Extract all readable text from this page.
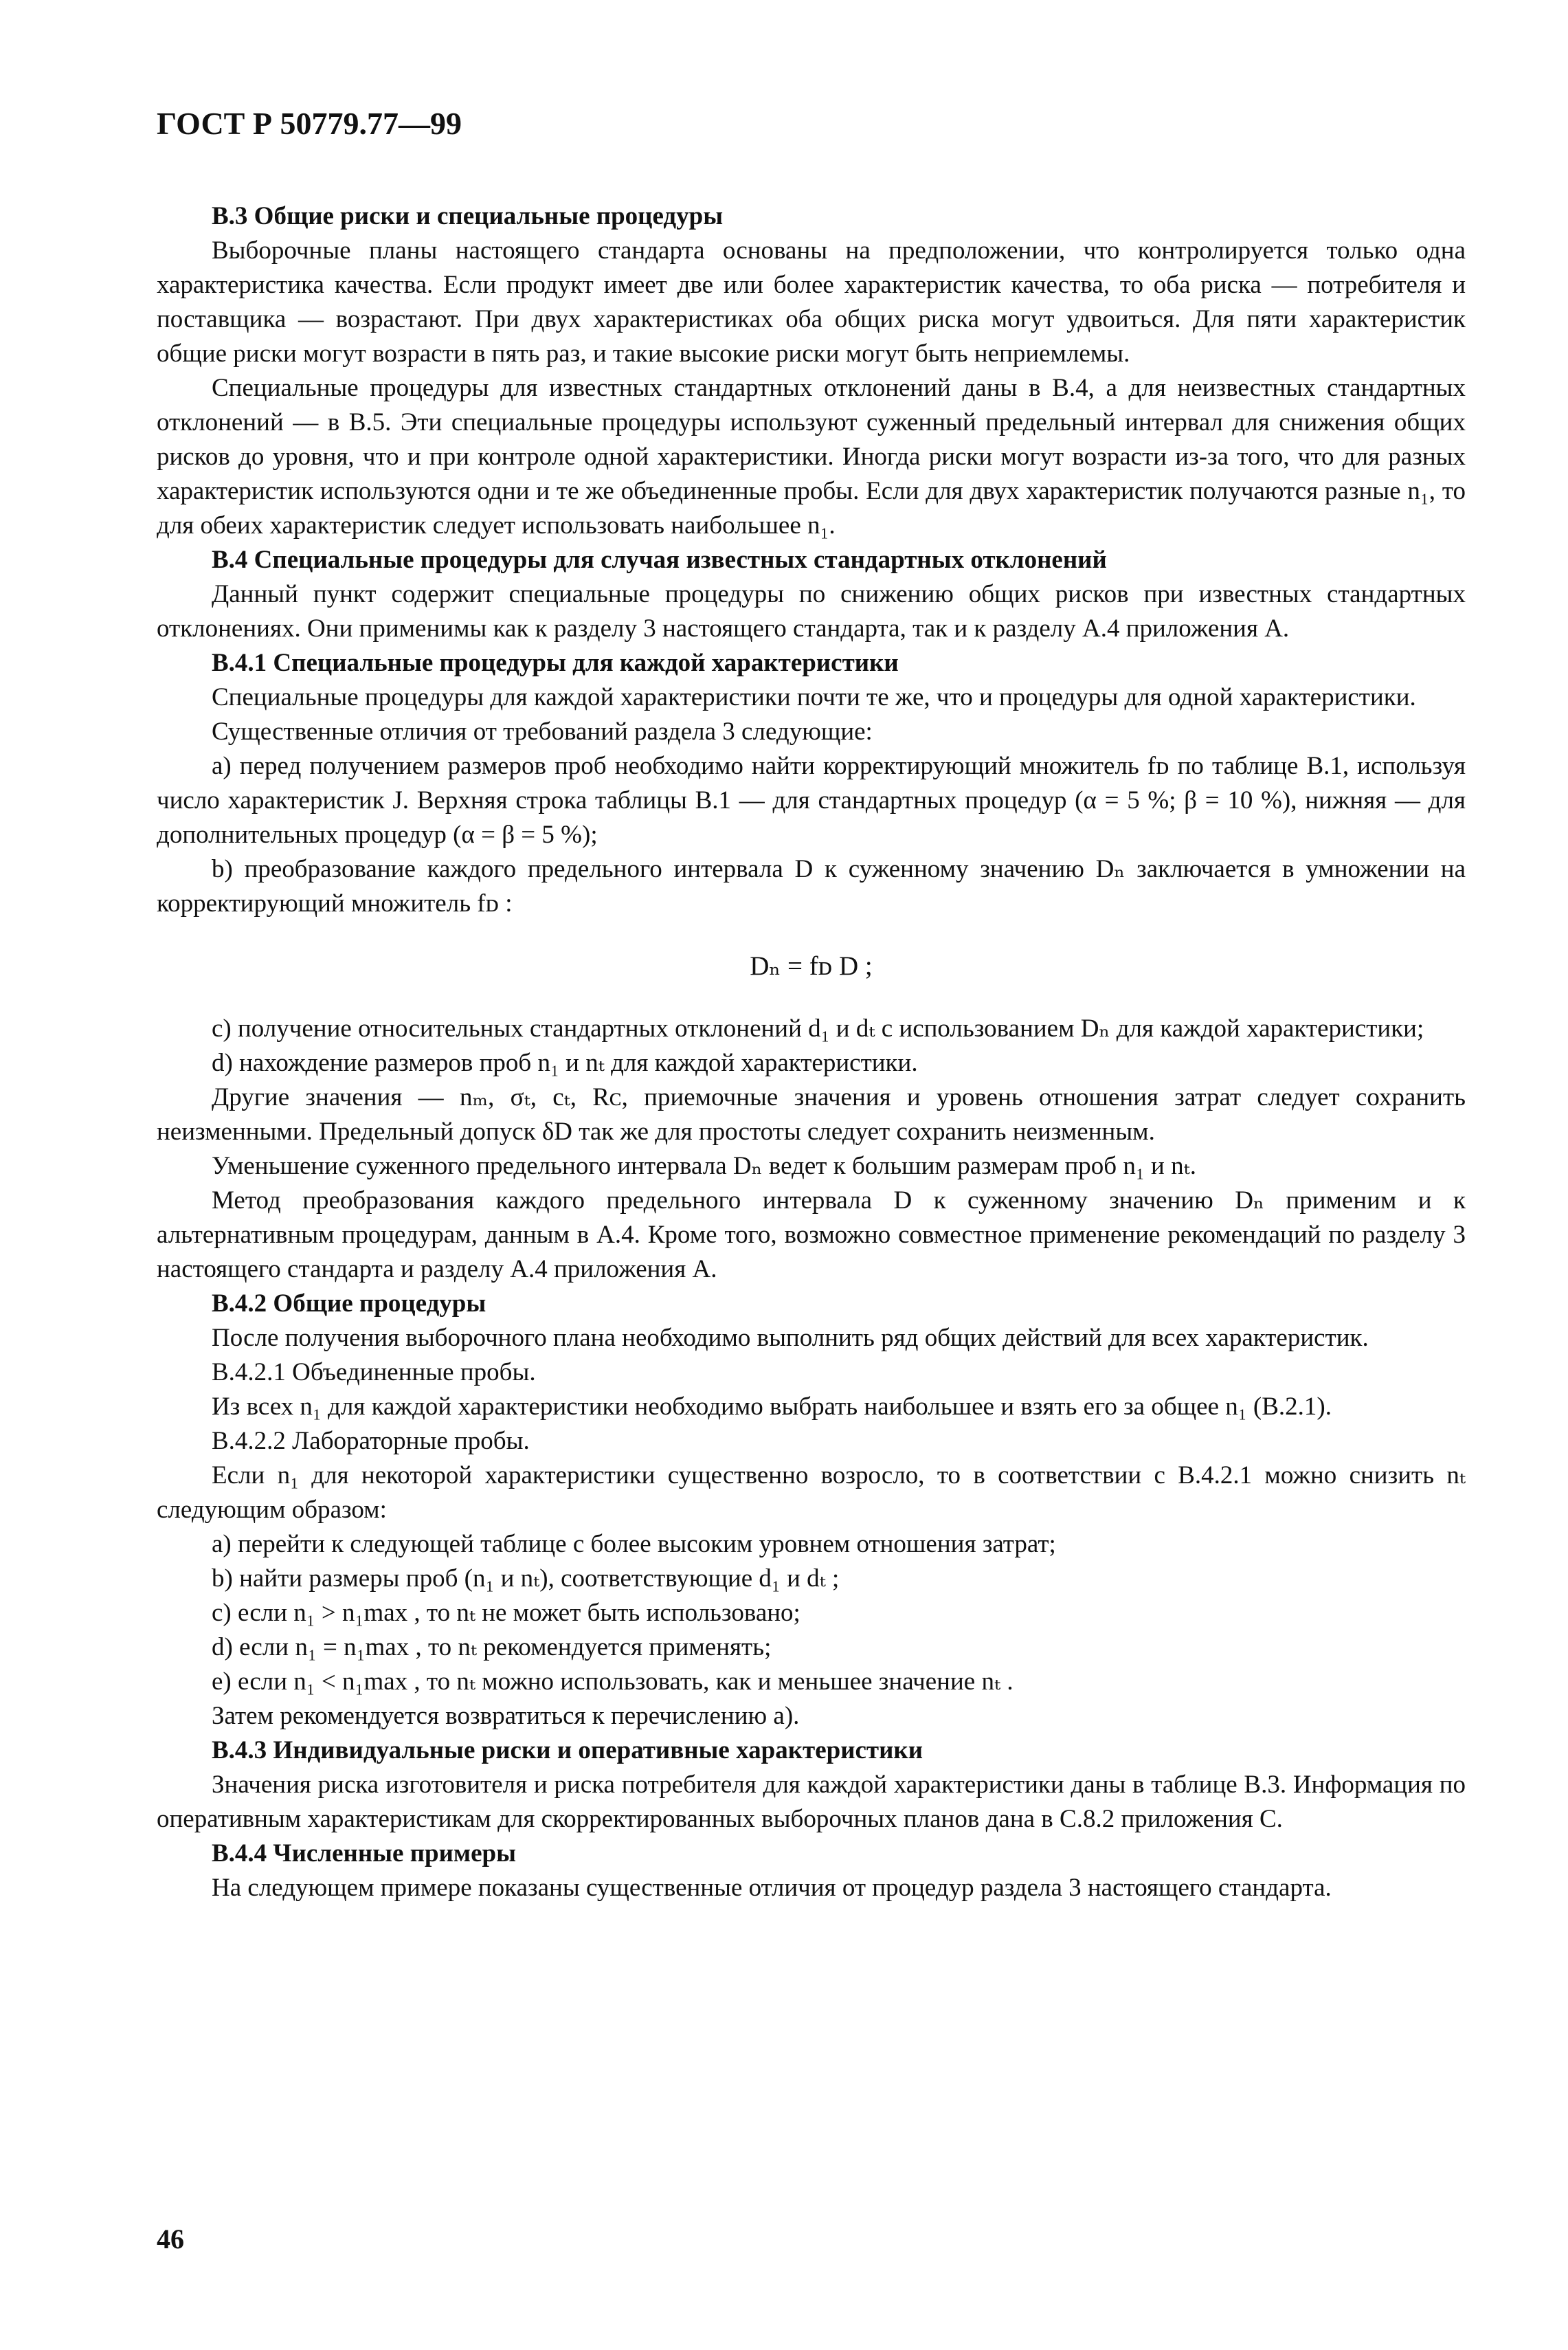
ГОСТ Р 50779.77—99
В.3 Общие риски и специальные процедуры
Выборочные планы настоящего стандарта основаны на предположении, что контролируется только одна характеристика качества. Если продукт имеет две или более характеристик качества, то оба риска — потребителя и поставщика — возрастают. При двух характеристиках оба общих риска могут удвоиться. Для пяти характеристик общие риски могут возрасти в пять раз, и такие высокие риски могут быть неприемлемы.
Специальные процедуры для известных стандартных отклонений даны в В.4, а для неизвестных стандартных отклонений — в В.5. Эти специальные процедуры используют суженный предельный интервал для снижения общих рисков до уровня, что и при контроле одной характеристики. Иногда риски могут возрасти из-за того, что для разных характеристик используются одни и те же объединенные пробы. Если для двух характеристик получаются разные n₁, то для обеих характеристик следует использовать наибольшее n₁.
В.4 Специальные процедуры для случая известных стандартных отклонений
Данный пункт содержит специальные процедуры по снижению общих рисков при известных стандартных отклонениях. Они применимы как к разделу 3 настоящего стандарта, так и к разделу А.4 приложения А.
В.4.1 Специальные процедуры для каждой характеристики
Специальные процедуры для каждой характеристики почти те же, что и процедуры для одной характеристики.
Существенные отличия от требований раздела 3 следующие:
а) перед получением размеров проб необходимо найти корректирующий множитель fᴅ по таблице В.1, используя число характеристик J. Верхняя строка таблицы В.1 — для стандартных процедур (α = 5 %; β = 10 %), нижняя — для дополнительных процедур (α = β = 5 %);
b) преобразование каждого предельного интервала D к суженному значению Dₙ заключается в умножении на корректирующий множитель fᴅ :
Dₙ = fᴅ D ;
с) получение относительных стандартных отклонений d₁ и dₜ с использованием Dₙ для каждой характеристики;
d) нахождение размеров проб n₁ и nₜ для каждой характеристики.
Другие значения — nₘ, σₜ, cₜ, Rᴄ, приемочные значения и уровень отношения затрат следует сохранить неизменными. Предельный допуск δD так же для простоты следует сохранить неизменным.
Уменьшение суженного предельного интервала Dₙ ведет к большим размерам проб n₁ и nₜ.
Метод преобразования каждого предельного интервала D к суженному значению Dₙ применим и к альтернативным процедурам, данным в А.4. Кроме того, возможно совместное применение рекомендаций по разделу 3 настоящего стандарта и разделу А.4 приложения А.
В.4.2 Общие процедуры
После получения выборочного плана необходимо выполнить ряд общих действий для всех характеристик.
В.4.2.1 Объединенные пробы.
Из всех n₁ для каждой характеристики необходимо выбрать наибольшее и взять его за общее n₁ (В.2.1).
В.4.2.2 Лабораторные пробы.
Если n₁ для некоторой характеристики существенно возросло, то в соответствии с В.4.2.1 можно снизить nₜ следующим образом:
а) перейти к следующей таблице с более высоким уровнем отношения затрат;
b) найти размеры проб (n₁ и nₜ), соответствующие d₁ и dₜ ;
с) если n₁ > n₁max , то nₜ не может быть использовано;
d) если n₁ = n₁max , то nₜ рекомендуется применять;
е) если n₁ < n₁max , то nₜ можно использовать, как и меньшее значение nₜ .
Затем рекомендуется возвратиться к перечислению а).
В.4.3 Индивидуальные риски и оперативные характеристики
Значения риска изготовителя и риска потребителя для каждой характеристики даны в таблице В.3. Информация по оперативным характеристикам для скорректированных выборочных планов дана в С.8.2 приложения С.
В.4.4 Численные примеры
На следующем примере показаны существенные отличия от процедур раздела 3 настоящего стандарта.
46
